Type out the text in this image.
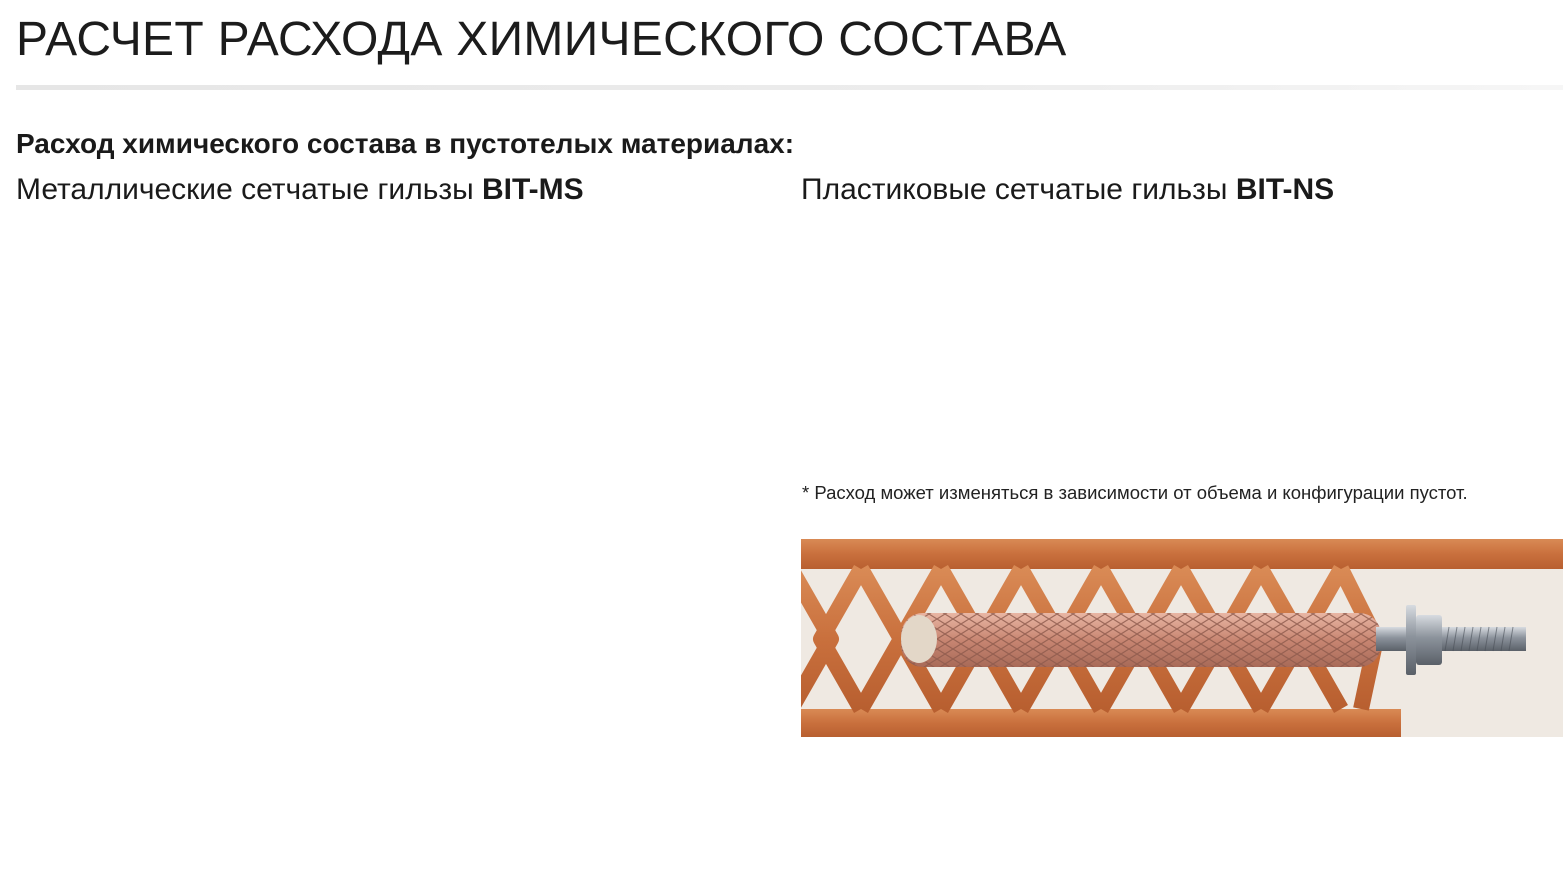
РАСЧЕТ РАСХОДА ХИМИЧЕСКОГО СОСТАВА
Расход химического состава в пустотелых материалах:
Металлические сетчатые гильзы BIT-MS	Пластиковые сетчатые гильзы BIT-NS
* Расход может изменяться в зависимости от объема и конфигурации пустот.
